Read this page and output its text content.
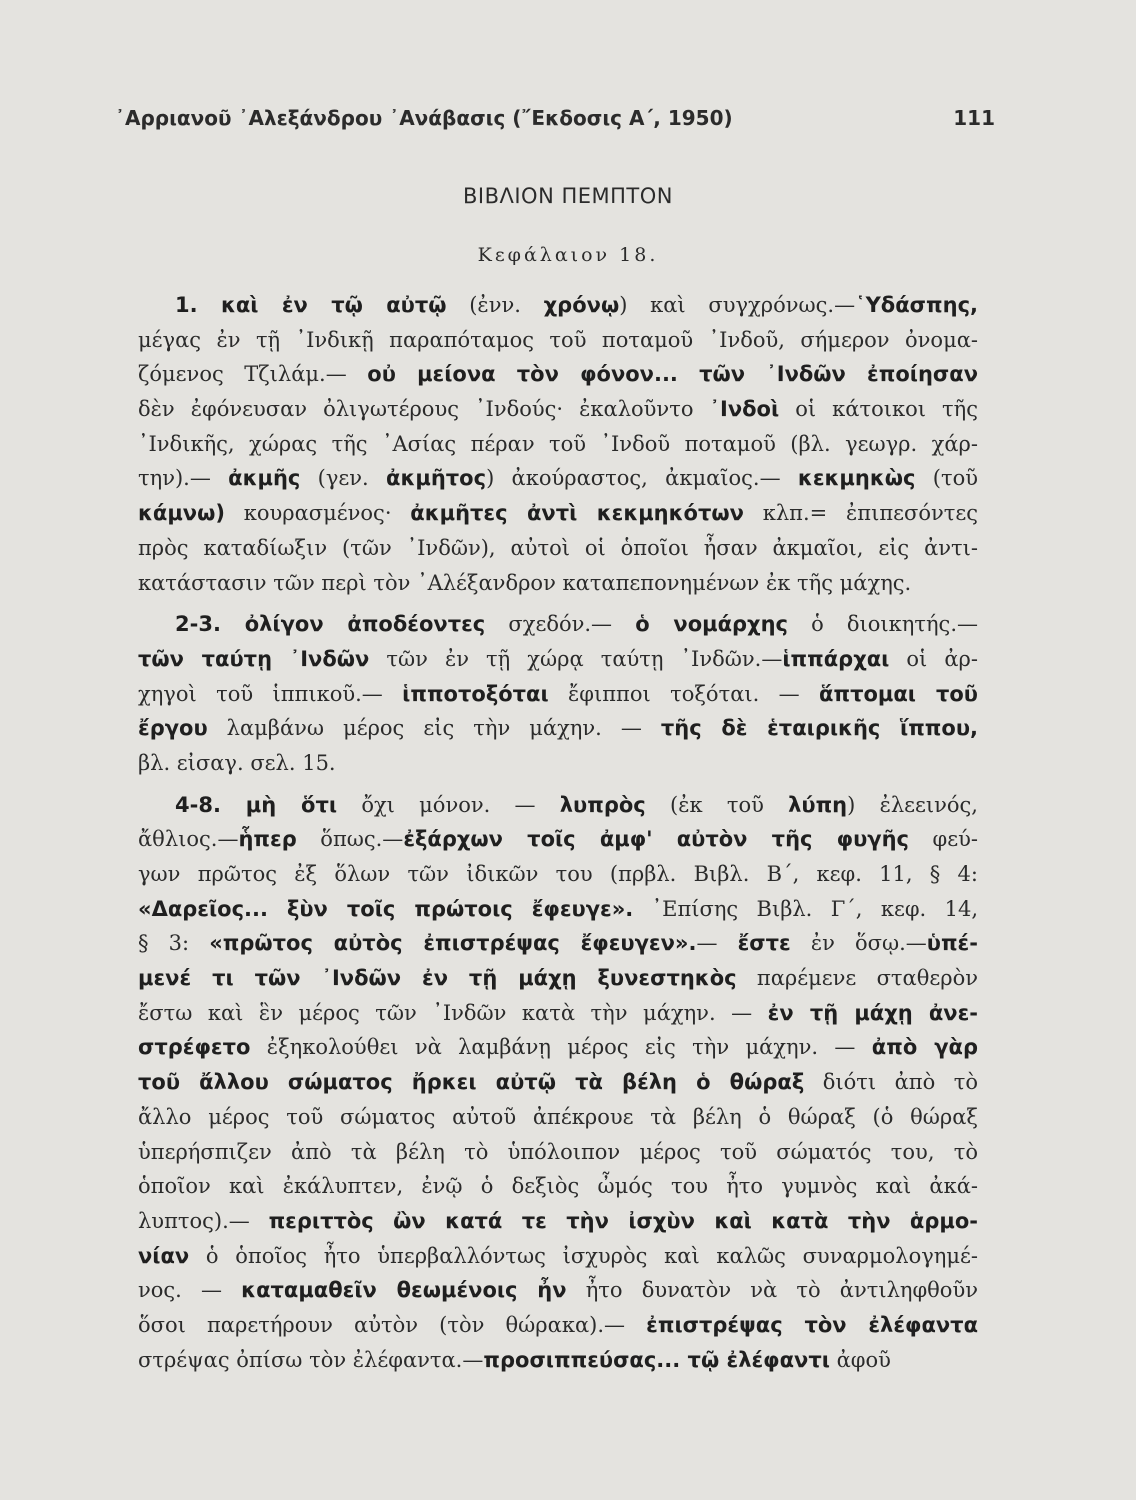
᾿Αρριανοῦ ᾿Αλεξάνδρου ᾿Ανάβασις (῎Εκδοσις Α΄, 1950)	111
ΒΙΒΛΙΟΝ ΠΕΜΠΤΟΝ
Κεφάλαιον 18.
1. καὶ ἐν τῷ αὐτῷ (ἐνν. χρόνῳ) καὶ συγχρόνως.—῾Υδάσπης,
μέγας ἐν τῇ ᾿Ινδικῇ παραπόταμος τοῦ ποταμοῦ ᾿Ινδοῦ, σήμερον ὀνομα-
ζόμενος Τζιλάμ.— οὐ μείονα τὸν φόνον... τῶν ᾿Ινδῶν ἐποίησαν
δὲν ἐφόνευσαν ὀλιγωτέρους ᾿Ινδούς· ἐκαλοῦντο ᾿Ινδοὶ οἱ κάτοικοι τῆς
᾿Ινδικῆς, χώρας τῆς ᾿Ασίας πέραν τοῦ ᾿Ινδοῦ ποταμοῦ (βλ. γεωγρ. χάρ-
την).— ἀκμῆς (γεν. ἀκμῆτος) ἀκούραστος, ἀκμαῖος.— κεκμηκὼς (τοῦ
κάμνω) κουρασμένος· ἀκμῆτες ἀντὶ κεκμηκότων κλπ.= ἐπιπεσόντες
πρὸς καταδίωξιν (τῶν ᾿Ινδῶν), αὐτοὶ οἱ ὁποῖοι ἦσαν ἀκμαῖοι, εἰς ἀντι-
κατάστασιν τῶν περὶ τὸν ᾿Αλέξανδρον καταπεπονημένων ἐκ τῆς μάχης.
2-3. ὀλίγον ἀποδέοντες σχεδόν.— ὁ νομάρχης ὁ διοικητής.—
τῶν ταύτῃ ᾿Ινδῶν τῶν ἐν τῇ χώρᾳ ταύτῃ ᾿Ινδῶν.—ἱππάρχαι οἱ ἀρ-
χηγοὶ τοῦ ἱππικοῦ.— ἱπποτοξόται ἔφιπποι τοξόται. — ἅπτομαι τοῦ
ἔργου λαμβάνω μέρος εἰς τὴν μάχην. — τῆς δὲ ἑταιρικῆς ἵππου,
βλ. εἰσαγ. σελ. 15.
4-8. μὴ ὅτι ὄχι μόνον. — λυπρὸς (ἐκ τοῦ λύπη) ἐλεεινός,
ἄθλιος.—ἧπερ ὅπως.—ἐξάρχων τοῖς ἀμφ' αὐτὸν τῆς φυγῆς φεύ-
γων πρῶτος ἐξ ὅλων τῶν ἰδικῶν του (πρβλ. Βιβλ. Β΄, κεφ. 11, § 4:
«Δαρεῖος... ξὺν τοῖς πρώτοις ἔφευγε». ᾿Επίσης Βιβλ. Γ΄, κεφ. 14,
§ 3: «πρῶτος αὐτὸς ἐπιστρέψας ἔφευγεν».— ἔστε ἐν ὅσῳ.—ὑπέ-
μενέ τι τῶν ᾿Ινδῶν ἐν τῇ μάχῃ ξυνεστηκὸς παρέμενε σταθερὸν
ἔστω καὶ ἓν μέρος τῶν ᾿Ινδῶν κατὰ τὴν μάχην. — ἐν τῇ μάχῃ ἀνε-
στρέφετο ἐξηκολούθει νὰ λαμβάνῃ μέρος εἰς τὴν μάχην. — ἀπὸ γὰρ
τοῦ ἄλλου σώματος ἤρκει αὐτῷ τὰ βέλη ὁ θώραξ διότι ἀπὸ τὸ
ἄλλο μέρος τοῦ σώματος αὐτοῦ ἀπέκρουε τὰ βέλη ὁ θώραξ (ὁ θώραξ
ὑπερήσπιζεν ἀπὸ τὰ βέλη τὸ ὑπόλοιπον μέρος τοῦ σώματός του, τὸ
ὁποῖον καὶ ἐκάλυπτεν, ἐνῷ ὁ δεξιὸς ὦμός του ἦτο γυμνὸς καὶ ἀκά-
λυπτος).— περιττὸς ὢν κατά τε τὴν ἰσχὺν καὶ κατὰ τὴν ἁρμο-
νίαν ὁ ὁποῖος ἦτο ὑπερβαλλόντως ἰσχυρὸς καὶ καλῶς συναρμολογημέ-
νος. — καταμαθεῖν θεωμένοις ἦν ἦτο δυνατὸν νὰ τὸ ἀντιληφθοῦν
ὅσοι παρετήρουν αὐτὸν (τὸν θώρακα).— ἐπιστρέψας τὸν ἐλέφαντα
στρέψας ὀπίσω τὸν ἐλέφαντα.—προσιππεύσας... τῷ ἐλέφαντι ἀφοῦ
